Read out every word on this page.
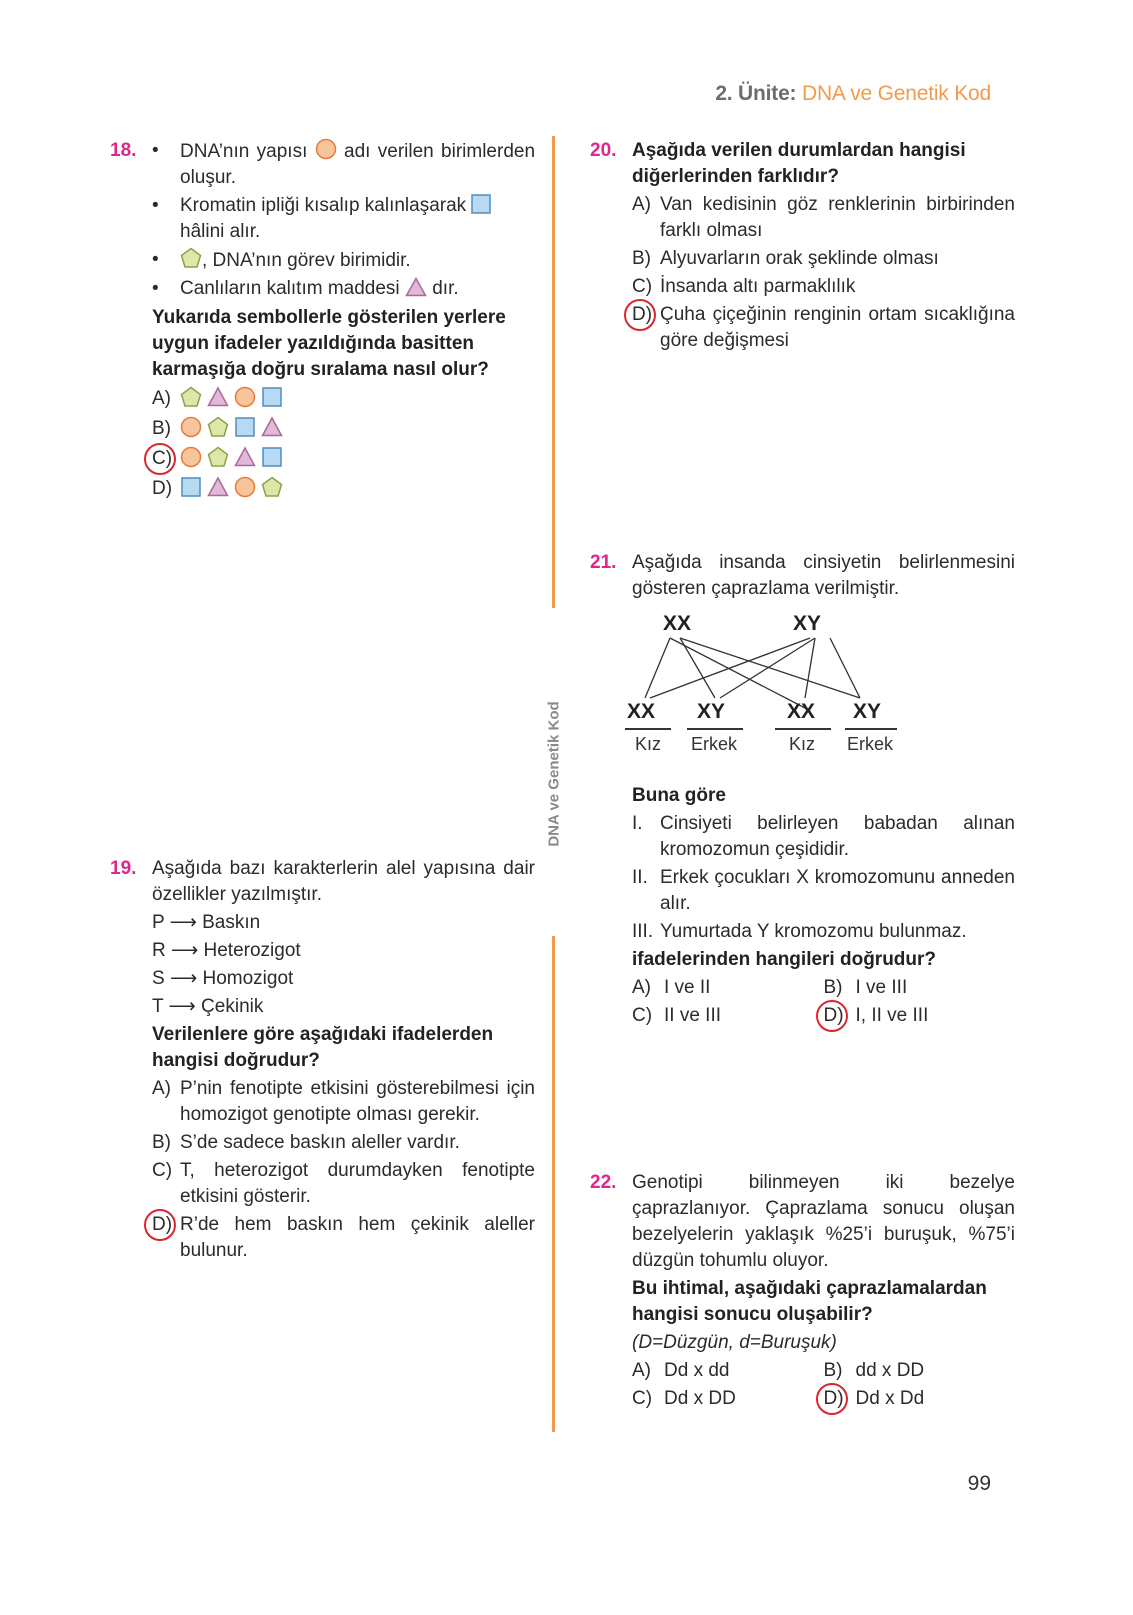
2. Ünite: DNA ve Genetik Kod
DNA ve Genetik Kod
18. • DNA’nın yapısı adı verilen birimlerden oluşur.
• Kromatin ipliği kısalıp kalınlaşarak  hâlini alır.
• , DNA’nın görev birimidir.
• Canlıların kalıtım maddesi dır.

Yukarıda sembollerle gösterilen yerlere uygun ifadeler yazıldığında basitten karmaşığa doğru sıralama nasıl olur?

A)
B)
C)
D)
19. Aşağıda bazı karakterlerin alel yapısına dair özellikler yazılmıştır.

P ⟶ Baskın
R ⟶ Heterozigot
S ⟶ Homozigot
T ⟶ Çekinik

Verilenlere göre aşağıdaki ifadelerden hangisi doğrudur?

A) P’nin fenotipte etkisini gösterebilmesi için homozigot genotipte olması gerekir.
B) S’de sadece baskın aleller vardır.
C) T, heterozigot durumdayken fenotipte etkisini gösterir.
D) R’de hem baskın hem çekinik aleller bulunur.
20. Aşağıda verilen durumlardan hangisi diğerlerinden farklıdır?

A) Van kedisinin göz renklerinin birbirinden farklı olması
B) Alyuvarların orak şeklinde olması
C) İnsanda altı parmaklılık
D) Çuha çiçeğinin renginin ortam sıcaklığına göre değişmesi
21. Aşağıda insanda cinsiyetin belirlenmesini gösteren çaprazlama verilmiştir.

XX	XY
XX XY	XX XY
Kız	Erkek	Kız	Erkek

Buna göre

I. Cinsiyeti belirleyen babadan alınan kromozomun çeşididir.
II. Erkek çocukları X kromozomunu anneden alır.
III. Yumurtada Y kromozomu bulunmaz.

ifadelerinden hangileri doğrudur?

A) I ve II	B) I ve III
C) II ve III	D) I, II ve III
22. Genotipi bilinmeyen iki bezelye çaprazlanıyor. Çaprazlama sonucu oluşan bezelyelerin yaklaşık %25’i buruşuk, %75’i düzgün tohumlu oluyor.

Bu ihtimal, aşağıdaki çaprazlamalardan hangisi sonucu oluşabilir?

(D=Düzgün, d=Buruşuk)

A) Dd x dd	B) dd x DD
C) Dd x DD	D) Dd x Dd
99
